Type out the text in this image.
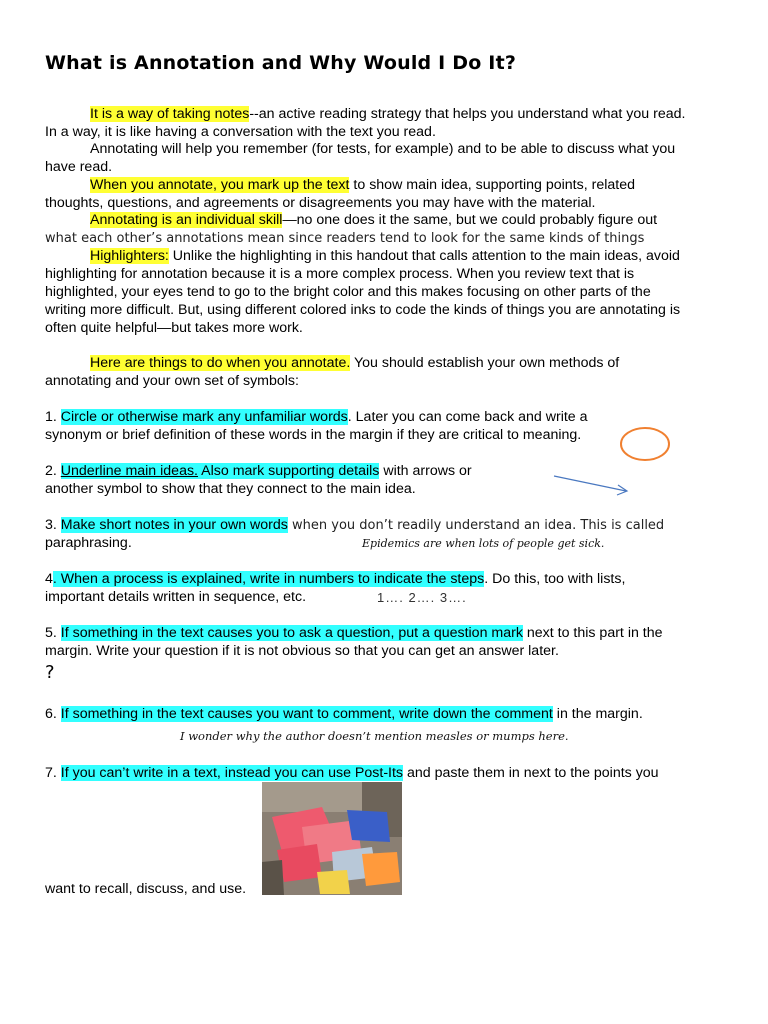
What is Annotation and Why Would I Do It?
It is a way of taking notes--an active reading strategy that helps you understand what you read.
In a way, it is like having a conversation with the text you read.
Annotating will help you remember (for tests, for example) and to be able to discuss what you
have read.
When you annotate, you mark up the text to show main idea, supporting points, related
thoughts, questions, and agreements or disagreements you may have with the material.
Annotating is an individual skill—no one does it the same, but we could probably figure out
what each other’s annotations mean since readers tend to look for the same kinds of things
Highlighters: Unlike the highlighting in this handout that calls attention to the main ideas, avoid
highlighting for annotation because it is a more complex process. When you review text that is
highlighted, your eyes tend to go to the bright color and this makes focusing on other parts of the
writing more difficult. But, using different colored inks to code the kinds of things you are annotating is
often quite helpful—but takes more work.
Here are things to do when you annotate. You should establish your own methods of
annotating and your own set of symbols:
1. Circle or otherwise mark any unfamiliar words. Later you can come back and write a
synonym or brief definition of these words in the margin if they are critical to meaning.
2. Underline main ideas. Also mark supporting details with arrows or
another symbol to show that they connect to the main idea.
3. Make short notes in your own words when you don’t readily understand an idea. This is called
paraphrasing.	Epidemics are when lots of people get sick.
4. When a process is explained, write in numbers to indicate the steps. Do this, too with lists,
important details written in sequence, etc.	1…. 2…. 3….
5. If something in the text causes you to ask a question, put a question mark next to this part in the
margin. Write your question if it is not obvious so that you can get an answer later.
?
6. If something in the text causes you want to comment, write down the comment in the margin.
I wonder why the author doesn’t mention measles or mumps here.
7. If you can’t write in a text, instead you can use Post-Its and paste them in next to the points you
want to recall, discuss, and use.
